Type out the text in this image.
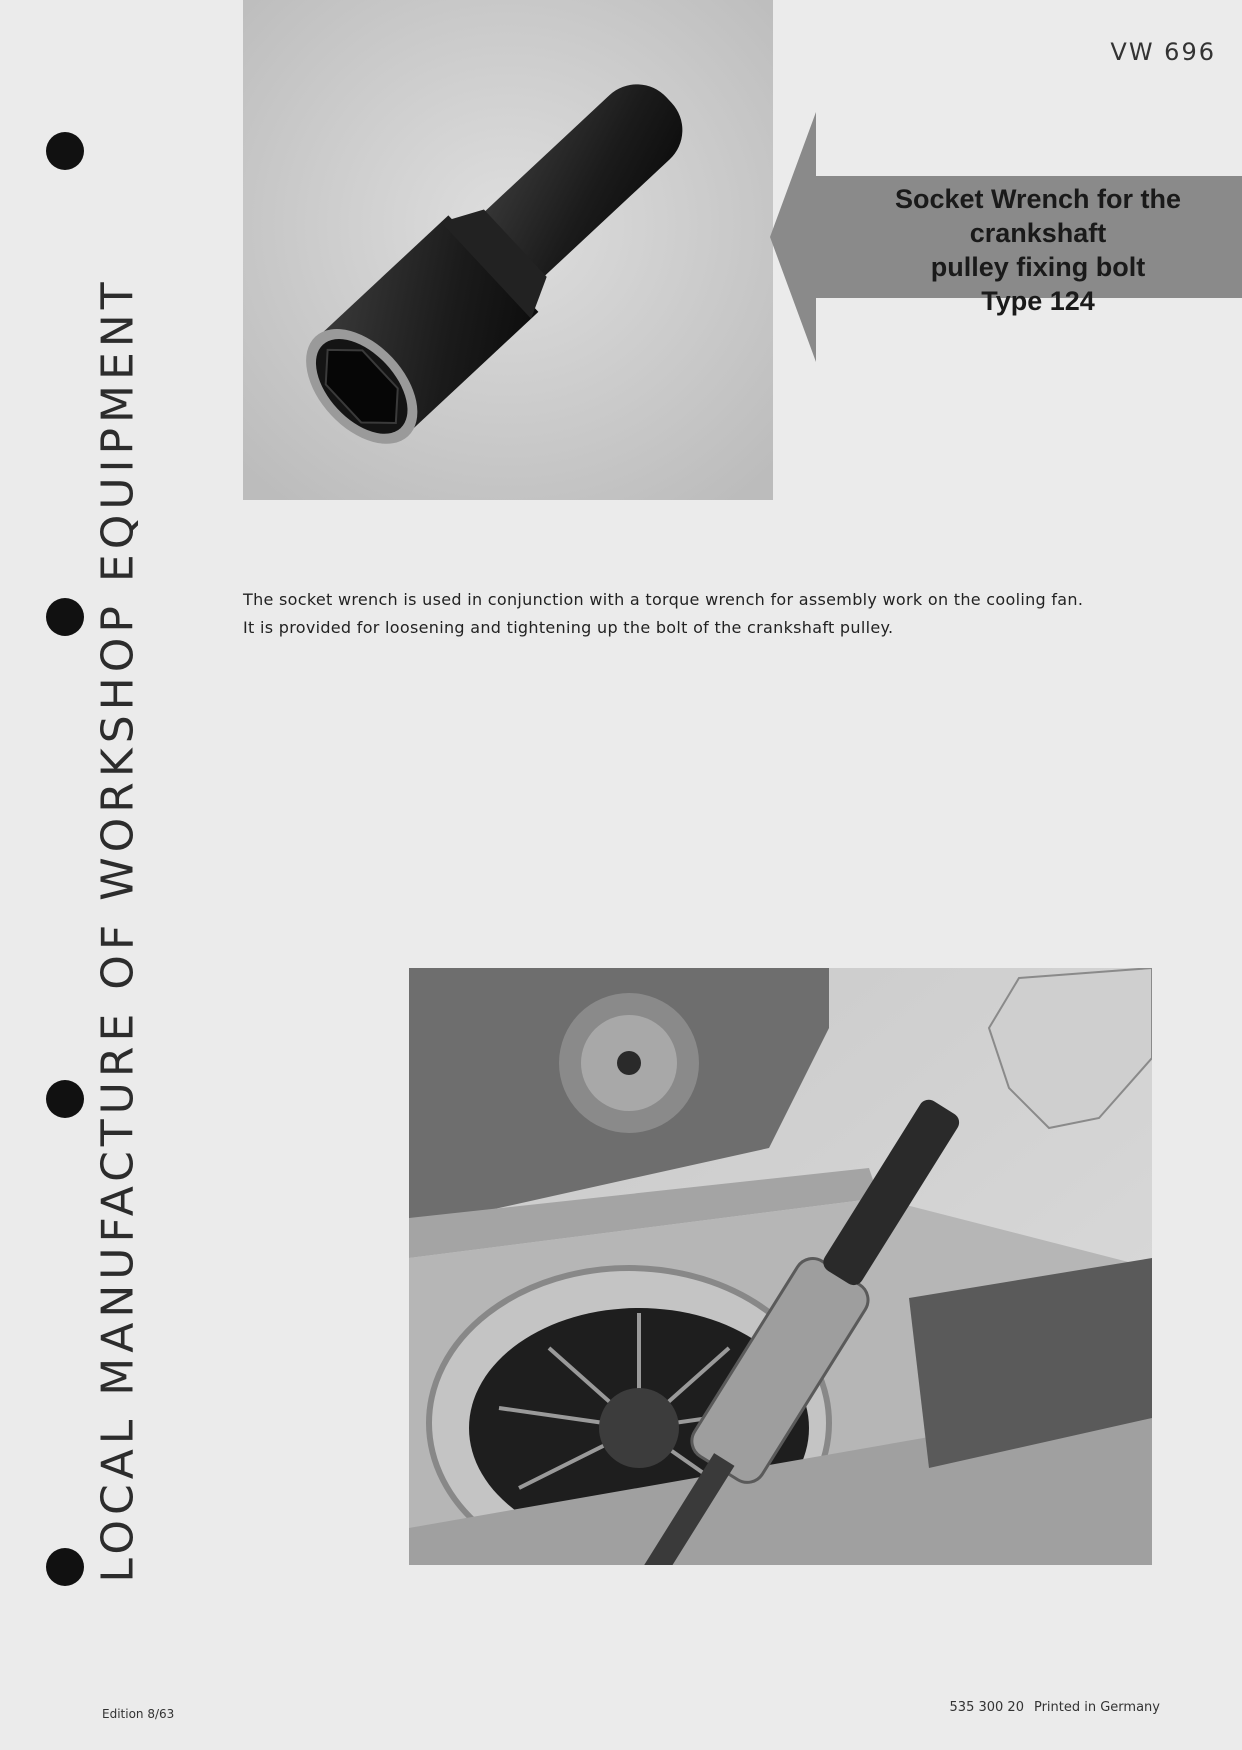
LOCAL MANUFACTURE OF WORKSHOP EQUIPMENT
VW 696
Socket Wrench for the crankshaft
pulley fixing bolt
Type 124
The socket wrench is used in conjunction with a torque wrench for assembly work on the cooling fan.
It is provided for loosening and tightening up the bolt of the crankshaft pulley.
Edition 8/63	535 300 20 Printed in Germany
